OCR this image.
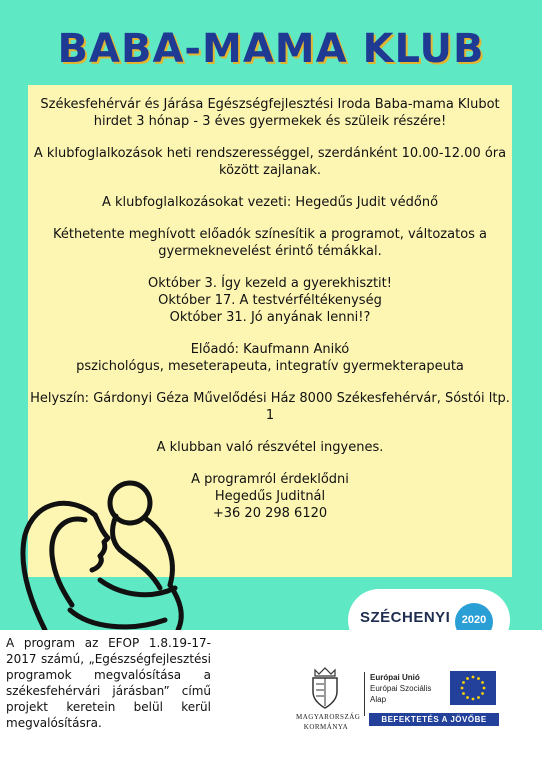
BABA-MAMA KLUB

Székesfehérvár és Járása Egészségfejlesztési Iroda Baba-mama Klubot hirdet 3 hónap - 3 éves gyermekek és szüleik részére!

A klubfoglalkozások heti rendszerességgel, szerdánként 10.00-12.00 óra között zajlanak.

A klubfoglalkozásokat vezeti: Hegedűs Judit védőnő

Kéthetente meghívott előadók színesítik a programot, változatos a gyermeknevelést érintő témákkal.

Október 3. Így kezeld a gyerekhisztit!
Október 17. A testvérféltékenység
Október 31. Jó anyának lenni!?

Előadó: Kaufmann Anikó
pszichológus, meseterapeuta, integratív gyermekterapeuta

Helyszín: Gárdonyi Géza Művelődési Ház 8000 Székesfehérvár, Sóstói ltp. 1

A klubban való részvétel ingyenes.

A programról érdeklődni
Hegedűs Juditnál
+36 20 298 6120

SZÉCHENYI	2020
A program az EFOP 1.8.19-17-2017 számú, „Egészségfejlesztési programok megvalósítása a székesfehérvári járásban” című projekt keretein belül kerül megvalósításra.	MAGYARORSZÁG
KORMÁNYA
Európai Unió
Európai Szociális
Alap
BEFEKTETÉS A JÖVŐBE
